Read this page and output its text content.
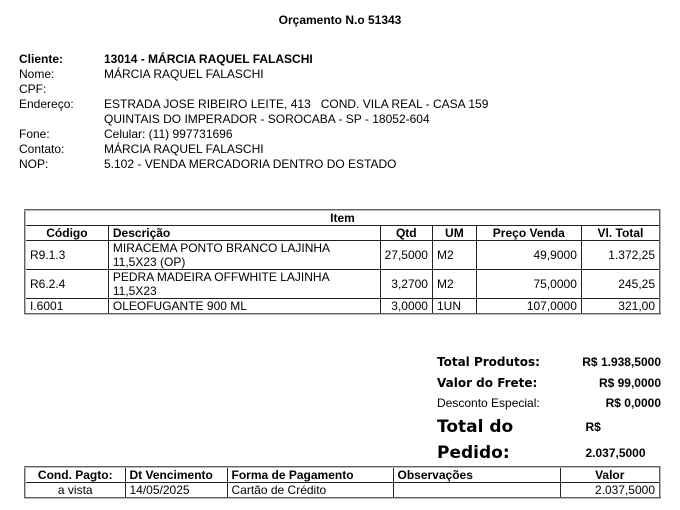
Orçamento N.o 51343
Cliente:	13014 - MÁRCIA RAQUEL FALASCHI
Nome:	MÁRCIA RAQUEL FALASCHI
CPF:
Endereço:	ESTRADA JOSE RIBEIRO LEITE, 413   COND. VILA REAL - CASA 159
QUINTAIS DO IMPERADOR - SOROCABA - SP - 18052-604
Fone:	Celular: (11) 997731696
Contato:	MÁRCIA RAQUEL FALASCHI
NOP:	5.102 - VENDA MERCADORIA DENTRO DO ESTADO
Item					
Código	Descrição	Qtd	UM	Preço Venda	Vl. Total
R9.1.3	MIRACEMA PONTO BRANCO LAJINHA
11,5X23 (OP)	27,5000	M2	49,9000	1.372,25
R6.2.4	PEDRA MADEIRA OFFWHITE LAJINHA
11,5X23	3,2700	M2	75,0000	245,25
I.6001	OLEOFUGANTE 900 ML	3,0000	1UN	107,0000	321,00
Total Produtos:	R$ 1.938,5000
Valor do Frete:	R$ 99,0000
Desconto Especial:	R$ 0,0000
Total do Pedido:
R$ 2.037,5000
Cond. Pagto:	Dt Vencimento	Forma de Pagamento	Observações	Valor
a vista	14/05/2025	Cartão de Crédito		2.037,5000
